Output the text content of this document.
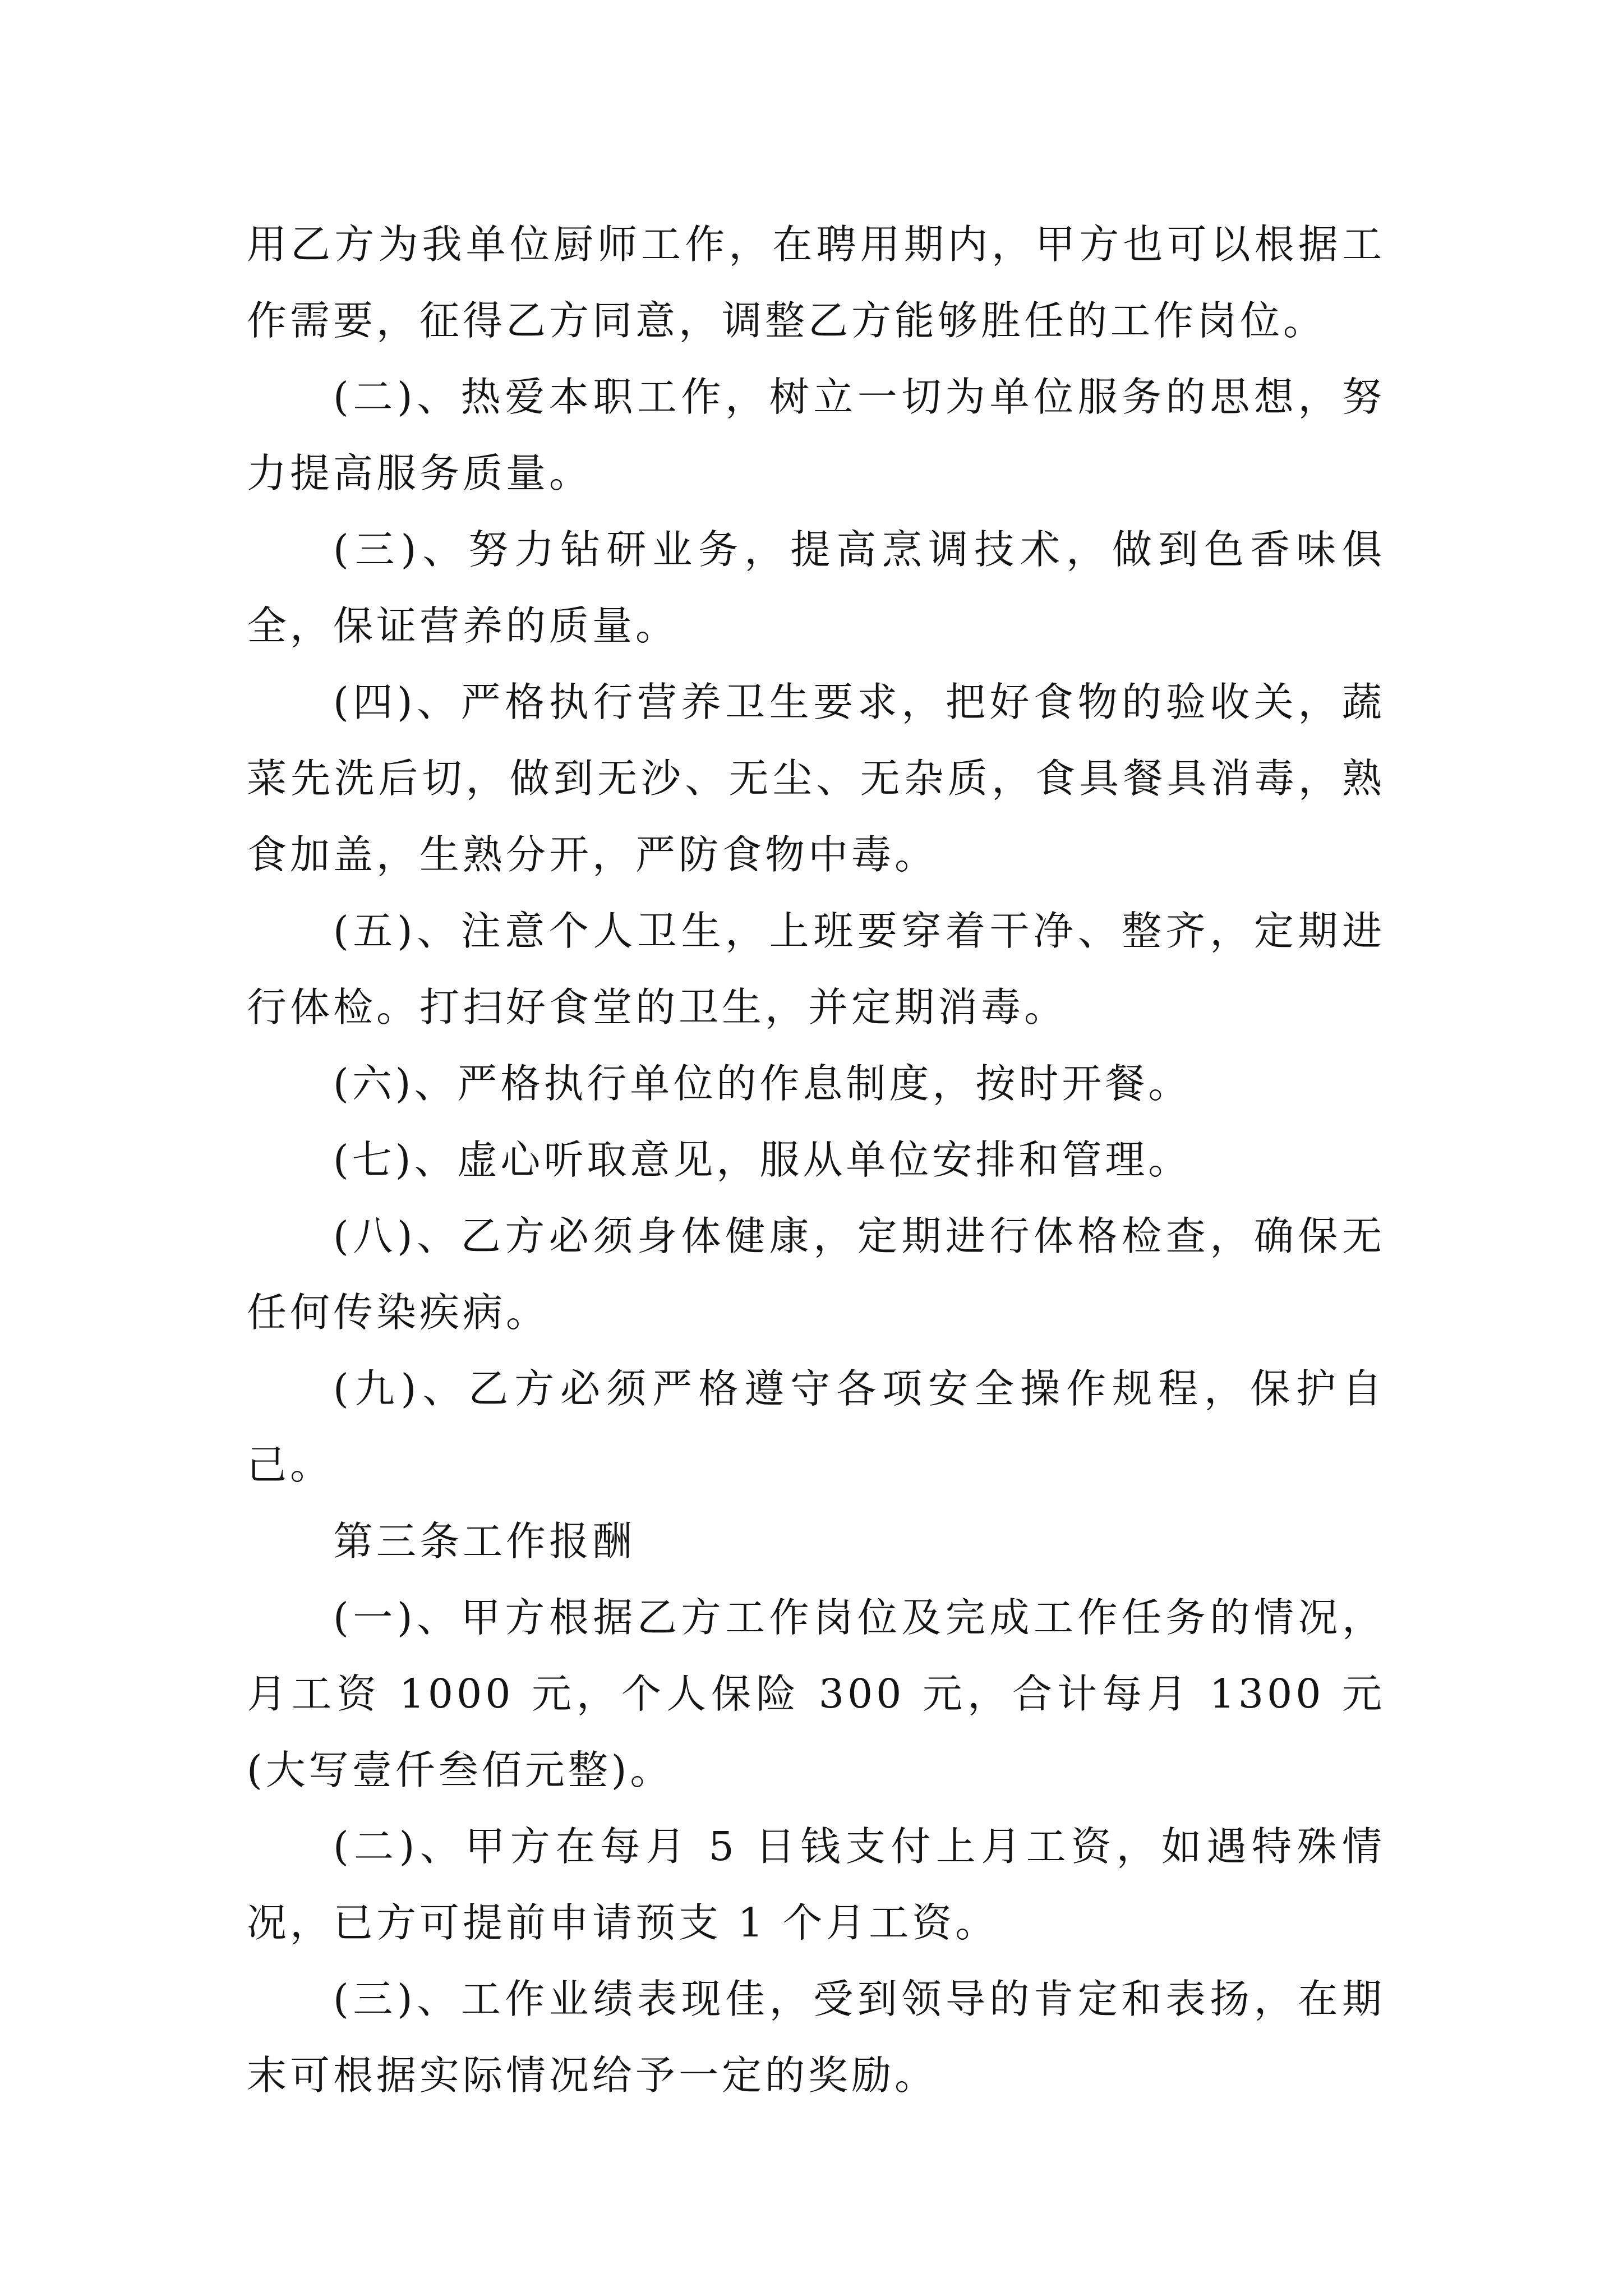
用乙方为我单位厨师工作，在聘用期内，甲方也可以根据工作需要，征得乙方同意，调整乙方能够胜任的工作岗位。

(二)、热爱本职工作，树立一切为单位服务的思想，努力提高服务质量。

(三)、努力钻研业务，提高烹调技术，做到色香味俱全，保证营养的质量。

(四)、严格执行营养卫生要求，把好食物的验收关，蔬菜先洗后切，做到无沙、无尘、无杂质，食具餐具消毒，熟食加盖，生熟分开，严防食物中毒。

(五)、注意个人卫生，上班要穿着干净、整齐，定期进行体检。打扫好食堂的卫生，并定期消毒。

(六)、严格执行单位的作息制度，按时开餐。

(七)、虚心听取意见，服从单位安排和管理。

(八)、乙方必须身体健康，定期进行体格检查，确保无任何传染疾病。

(九)、乙方必须严格遵守各项安全操作规程，保护自己。

第三条工作报酬

(一)、甲方根据乙方工作岗位及完成工作任务的情况，月工资 1000 元，个人保险 300 元，合计每月 1300 元(大写壹仟叁佰元整)。

(二)、甲方在每月 5 日钱支付上月工资，如遇特殊情况，已方可提前申请预支 1 个月工资。

(三)、工作业绩表现佳，受到领导的肯定和表扬，在期末可根据实际情况给予一定的奖励。
